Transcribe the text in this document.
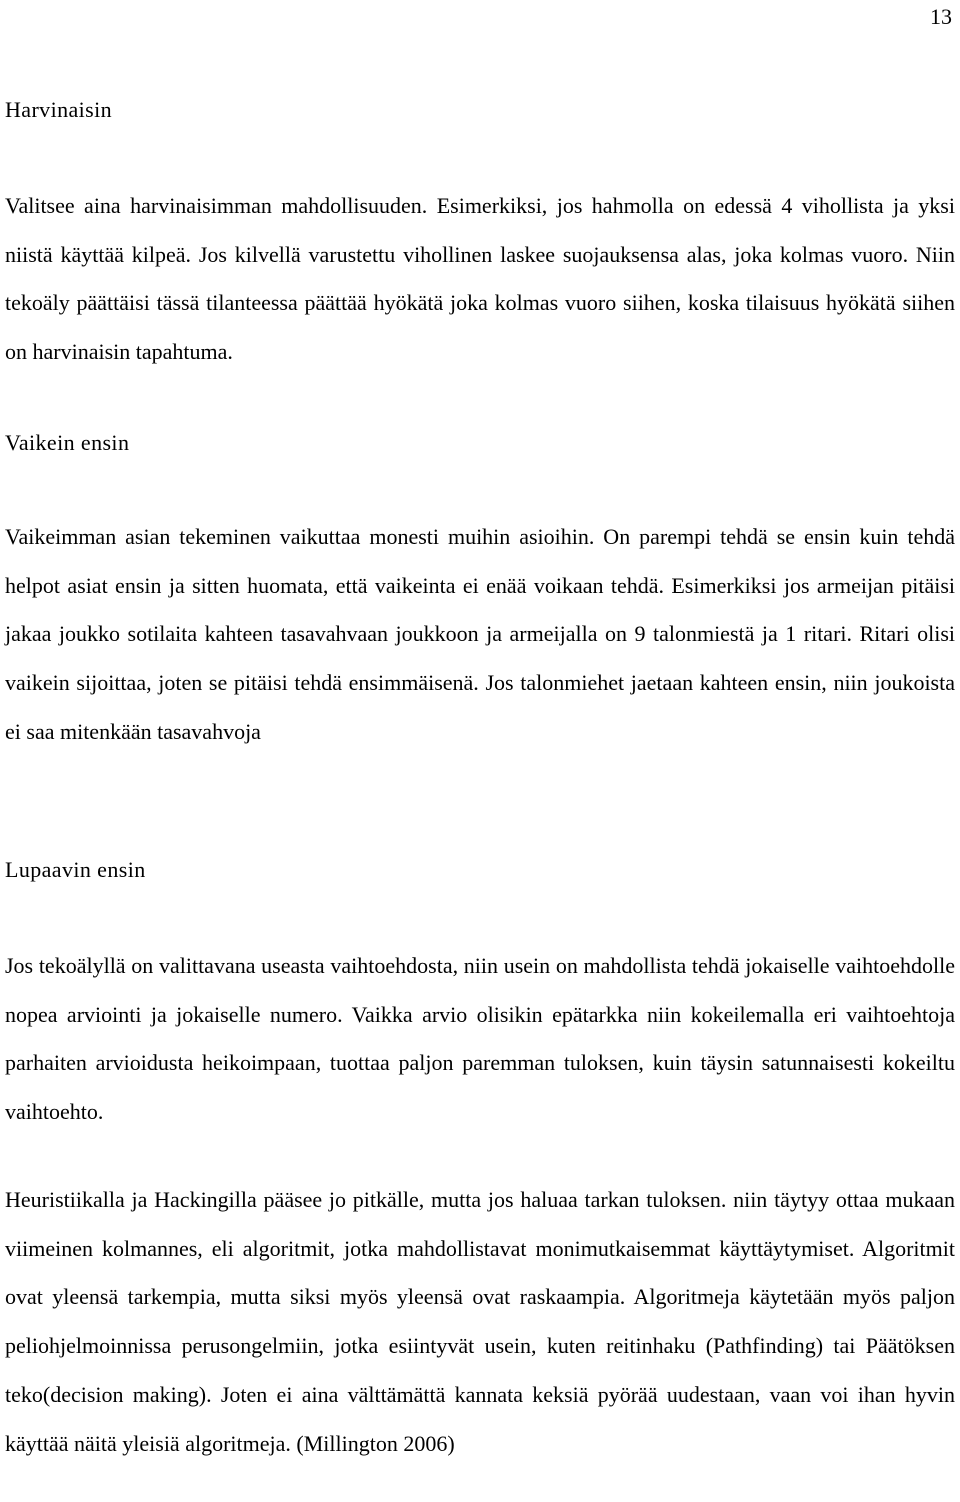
13
Harvinaisin

Valitsee aina harvinaisimman mahdollisuuden. Esimerkiksi, jos hahmolla on edessä 4 vihollista ja yksi niistä käyttää kilpeä. Jos kilvellä varustettu vihollinen laskee suojauksensa alas, joka kolmas vuoro. Niin tekoäly päättäisi tässä tilanteessa päättää hyökätä joka kolmas vuoro siihen, koska tilaisuus hyökätä siihen on harvinaisin tapahtuma.

Vaikein ensin

Vaikeimman asian tekeminen vaikuttaa monesti muihin asioihin. On parempi tehdä se ensin kuin tehdä helpot asiat ensin ja sitten huomata, että vaikeinta ei enää voikaan tehdä. Esimerkiksi jos armeijan pitäisi jakaa joukko sotilaita kahteen tasavahvaan joukkoon ja armeijalla on 9 talonmiestä ja 1 ritari. Ritari olisi vaikein sijoittaa, joten se pitäisi tehdä ensimmäisenä. Jos talonmiehet jaetaan kahteen ensin, niin joukoista ei saa mitenkään tasavahvoja

Lupaavin ensin

Jos tekoälyllä on valittavana useasta vaihtoehdosta, niin usein on mahdollista tehdä jokaiselle vaihtoehdolle nopea arviointi ja jokaiselle numero. Vaikka arvio olisikin epätarkka niin kokeilemalla eri vaihtoehtoja parhaiten arvioidusta heikoimpaan, tuottaa paljon paremman tuloksen, kuin täysin satunnaisesti kokeiltu vaihtoehto.

Heuristiikalla ja Hackingilla pääsee jo pitkälle, mutta jos haluaa tarkan tuloksen. niin täytyy ottaa mukaan viimeinen kolmannes, eli algoritmit, jotka mahdollistavat monimutkaisemmat käyttäytymiset. Algoritmit ovat yleensä tarkempia, mutta siksi myös yleensä ovat raskaampia. Algoritmeja käytetään myös paljon peliohjelmoinnissa perusongelmiin, jotka esiintyvät usein, kuten reitinhaku (Pathfinding) tai Päätöksen teko(decision making). Joten ei aina välttämättä kannata keksiä pyörää uudestaan, vaan voi ihan hyvin käyttää näitä yleisiä algoritmeja. (Millington 2006)
